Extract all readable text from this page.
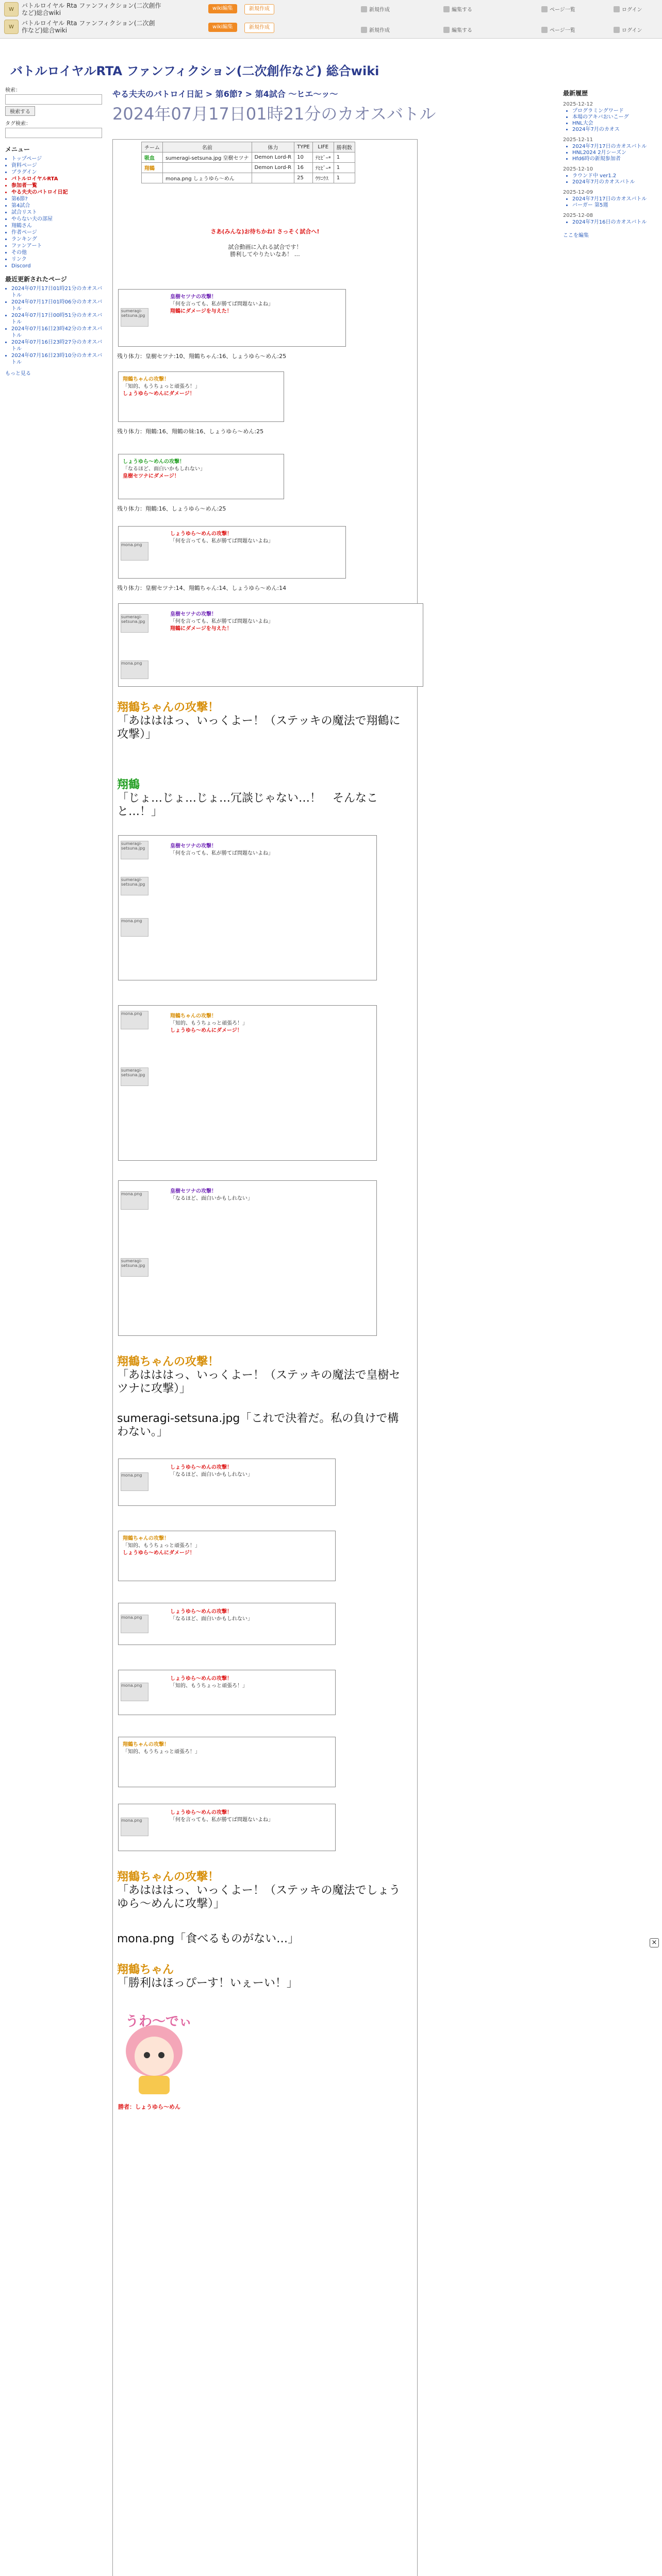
W	バトルロイヤル Rta ファンフィクション(二次創作
など)総合wiki
W	バトルロイヤル Rta ファンフィクション(二次創
作など)総合wiki
wiki編集	新規作成
wiki編集	新規作成
新規作成	編集する	ページ一覧	ログイン
新規作成	編集する	ページ一覧	ログイン
バトルロイヤルRTA ファンフィクション(二次創作など) 総合wiki
検索：
検索する
タグ検索：
メニュー
• トップページ
• 資料ページ
• プラグイン
• バトルロイヤルRTA
• 参加者一覧
• やる夫夫のバトロイ日記
• 第6節?
• 第4試合
• 試合リスト
• やらない夫の部屋
• 翔鶴さん
• 作者ページ
• ランキング
• ファンアート
• その他
• リンク
• Discord
最近更新されたページ
• 2024年07月17日01時21分のカオスバトル
• 2024年07月17日01時06分のカオスバトル
• 2024年07月17日00時51分のカオスバトル
• 2024年07月16日23時42分のカオスバトル
• 2024年07月16日23時27分のカオスバトル
• 2024年07月16日23時10分のカオスバトル
もっと見る
やる夫夫のバトロイ日記 > 第6節? > 第4試合 ～ヒエ～ッ～
2024年07月17日01時21分のカオスバトル
最新履歴
2025-12-12
• プログラミングワード
• 本場のアキバおいこーグ
• HNL大会
• 2024年7月のカオス
2025-12-11
• 2024年7月17日のカオスバトル
• HNL2024 2月シーズン
• Hfd6時の新規参加者
2025-12-10
• ラウンド中 ver1.2
• 2024年7月のカオスバトル
2025-12-09
• 2024年7月17日のカオスバトル
• バーガー 第5週
2025-12-08
• 2024年7月16日のカオスバトル
ここを編集
チーム	名前	体力	TYPE	LIFE	勝利数
吸血	sumeragi-setsuna.jpg 皇樹セツナ	Demon Lord-R	10	ﾃﾋﾋﾞｰ*	1
翔鶴		Demon Lord-R	16	ﾃﾋﾋﾞｰ*	1
	mona.png しょうゆら〜めん		25	ｳﾜﾆｳｽ	1
さあ(みんな)お待ちかね! さっそく試合へ!
試合動画に入れる試合です！
勝利してやりたいなあ！ …
sumeragi-setsuna.jpg
皇樹セツナの攻撃！
「何を言っても、私が勝てば問題ないよね」
翔鶴にダメージを与えた！
残り体力：皇樹セツナ:10、翔鶴ちゃん:16、しょうゆら〜めん:25
翔鶴ちゃんの攻撃！
「知的、もうちょっと頑張ろ！」
しょうゆら〜めんにダメージ！
残り体力：翔鶴:16、翔鶴の妹:16、しょうゆら〜めん:25
しょうゆら〜めんの攻撃！
「なるほど、面白いかもしれない」
皇樹セツナにダメージ！
残り体力：翔鶴:16、しょうゆら〜めん:25
mona.png
しょうゆら〜めんの攻撃！
「何を言っても、私が勝てば問題ないよね」
残り体力：皇樹セツナ:14、翔鶴ちゃん:14、しょうゆら〜めん:14
sumeragi-setsuna.jpg
mona.png
皇樹セツナの攻撃！
「何を言っても、私が勝てば問題ないよね」
翔鶴にダメージを与えた！
翔鶴ちゃんの攻撃！
「あはははっ、いっくよー！（ステッキの魔法で翔鶴に攻撃）」
翔鶴
「じょ…じょ…じょ…冗談じゃない…！　そんなこと…！」
sumeragi-setsuna.jpg
sumeragi-setsuna.jpg
mona.png
皇樹セツナの攻撃！
「何を言っても、私が勝てば問題ないよね」
mona.png
sumeragi-setsuna.jpg
翔鶴ちゃんの攻撃！
「知的、もうちょっと頑張ろ！」
しょうゆら〜めんにダメージ！
mona.png
sumeragi-setsuna.jpg
皇樹セツナの攻撃！
「なるほど、面白いかもしれない」
翔鶴ちゃんの攻撃！
「あはははっ、いっくよー！（ステッキの魔法で皇樹セツナに攻撃）」
sumeragi-setsuna.jpg「これで決着だ。私の負けで構わない。」
mona.png
しょうゆら〜めんの攻撃！
「なるほど、面白いかもしれない」
翔鶴ちゃんの攻撃！
「知的、もうちょっと頑張ろ！」
しょうゆら〜めんにダメージ！
mona.png
しょうゆら〜めんの攻撃！
「なるほど、面白いかもしれない」
mona.png
しょうゆら〜めんの攻撃！
「知的、もうちょっと頑張ろ！」
翔鶴ちゃんの攻撃！
「知的、もうちょっと頑張ろ！」
mona.png
しょうゆら〜めんの攻撃！
「何を言っても、私が勝てば問題ないよね」
翔鶴ちゃんの攻撃！
「あはははっ、いっくよー！（ステッキの魔法でしょうゆら〜めんに攻撃）」
mona.png「食べるものがない…」
翔鶴ちゃん
「勝利はほっぴーす！いぇーい！」
うわ〜でぃ
勝者：しょうゆら〜めん
×
